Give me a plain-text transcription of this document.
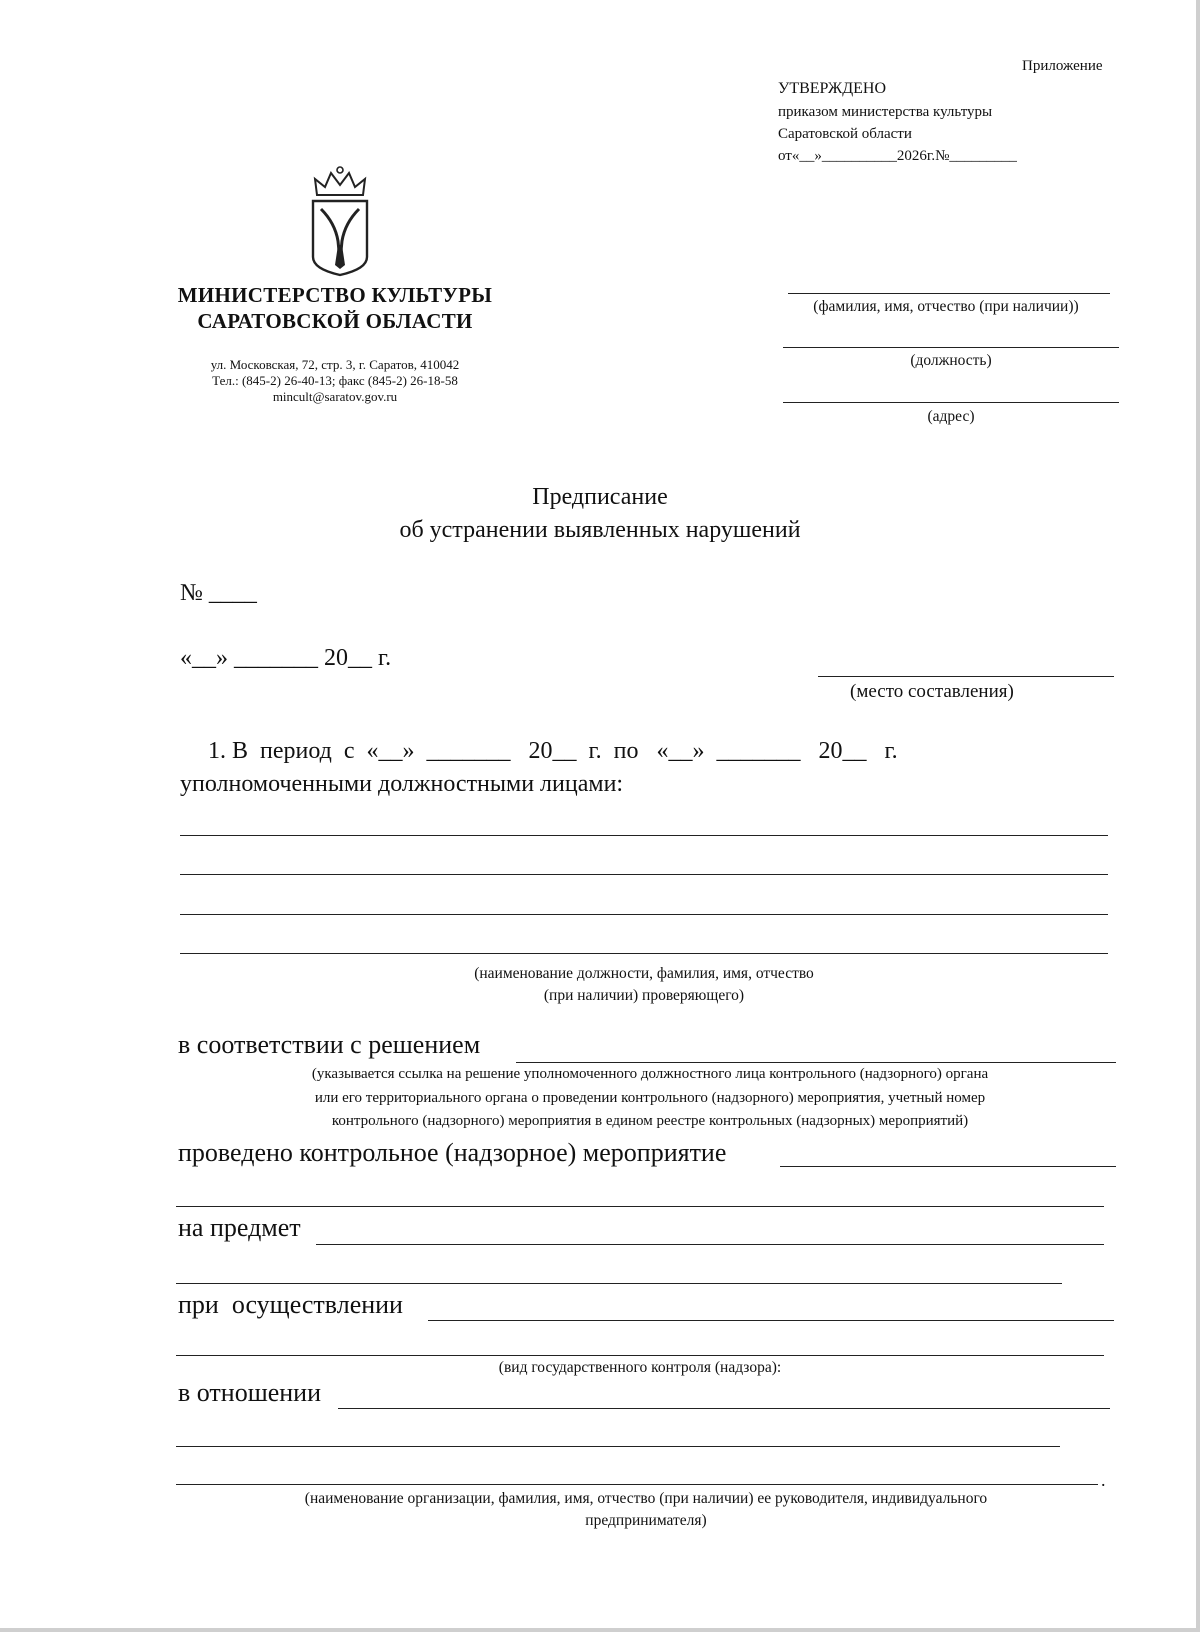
Приложение
УТВЕРЖДЕНО
приказом министерства культуры
Саратовской области
от«__»__________2026г.№_________
МИНИСТЕРСТВО КУЛЬТУРЫ
САРАТОВСКОЙ ОБЛАСТИ
ул. Московская, 72, стр. 3, г. Саратов, 410042
Тел.: (845-2) 26-40-13; факс (845-2) 26-18-58
mincult@saratov.gov.ru
(фамилия, имя, отчество (при наличии))
(должность)
(адрес)
Предписание
об устранении выявленных нарушений
№ ____
«__» _______ 20__ г.
(место составления)
1. В  период  с  «__»  _______   20__  г.  по   «__»  _______   20__   г.
уполномоченными должностными лицами:
(наименование должности, фамилия, имя, отчество
(при наличии) проверяющего)
в соответствии с решением
(указывается ссылка на решение уполномоченного должностного лица контрольного (надзорного) органа
или его территориального органа о проведении контрольного (надзорного) мероприятия, учетный номер
контрольного (надзорного) мероприятия в едином реестре контрольных (надзорных) мероприятий)
проведено контрольное (надзорное) мероприятие
на предмет
при  осуществлении
(вид государственного контроля (надзора):
в отношении
.
(наименование организации, фамилия, имя, отчество (при наличии) ее руководителя, индивидуального
предпринимателя)
